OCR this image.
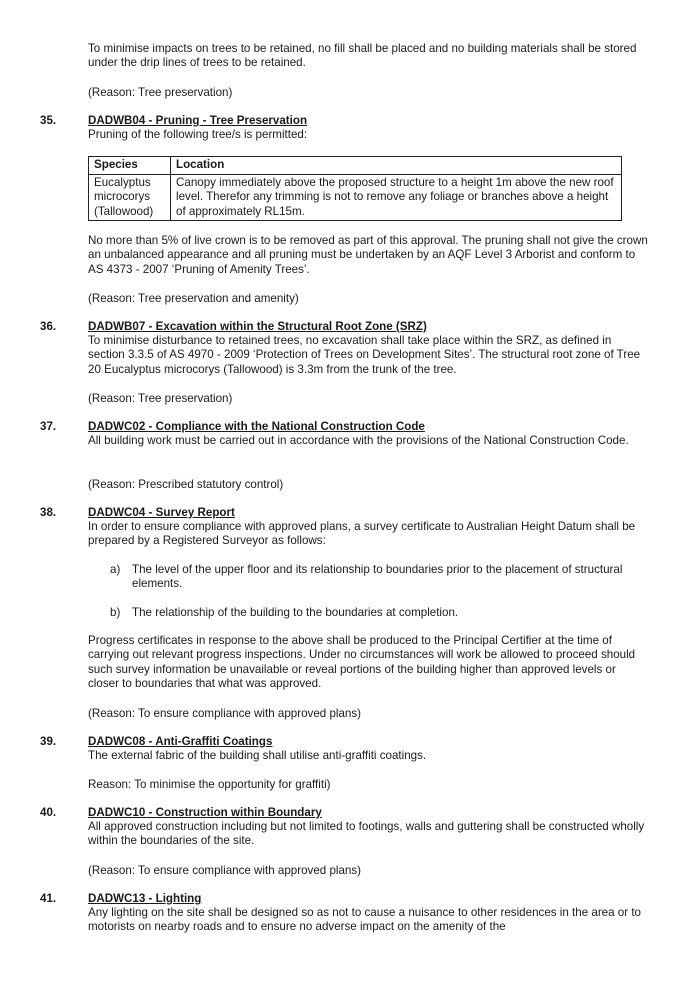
To minimise impacts on trees to be retained, no fill shall be placed and no building materials shall be stored under the drip lines of trees to be retained.

(Reason: Tree preservation)

35.	DADWB04 - Pruning - Tree Preservation

Pruning of the following tree/s is permitted:

Species	Location
Eucalyptus microcorys (Tallowood)	Canopy immediately above the proposed structure to a height 1m above the new roof level. Therefor any trimming is not to remove any foliage or branches above a height of approximately RL15m.

No more than 5% of live crown is to be removed as part of this approval. The pruning shall not give the crown an unbalanced appearance and all pruning must be undertaken by an AQF Level 3 Arborist and conform to AS 4373 - 2007 ‘Pruning of Amenity Trees’.

(Reason: Tree preservation and amenity)

36.	DADWB07 - Excavation within the Structural Root Zone (SRZ)

To minimise disturbance to retained trees, no excavation shall take place within the SRZ, as defined in section 3.3.5 of AS 4970 - 2009 ‘Protection of Trees on Development Sites’. The structural root zone of Tree 20 Eucalyptus microcorys (Tallowood) is 3.3m from the trunk of the tree.

(Reason: Tree preservation)

37.	DADWC02 - Compliance with the National Construction Code

All building work must be carried out in accordance with the provisions of the National Construction Code.

(Reason: Prescribed statutory control)

38.	DADWC04 - Survey Report

In order to ensure compliance with approved plans, a survey certificate to Australian Height Datum shall be prepared by a Registered Surveyor as follows:

a) The level of the upper floor and its relationship to boundaries prior to the placement of structural elements.

b) The relationship of the building to the boundaries at completion.

Progress certificates in response to the above shall be produced to the Principal Certifier at the time of carrying out relevant progress inspections. Under no circumstances will work be allowed to proceed should such survey information be unavailable or reveal portions of the building higher than approved levels or closer to boundaries that what was approved.

(Reason: To ensure compliance with approved plans)

39.	DADWC08 - Anti-Graffiti Coatings

The external fabric of the building shall utilise anti-graffiti coatings.

Reason: To minimise the opportunity for graffiti)

40.	DADWC10 - Construction within Boundary

All approved construction including but not limited to footings, walls and guttering shall be constructed wholly within the boundaries of the site.

(Reason: To ensure compliance with approved plans)

41.	DADWC13 - Lighting

Any lighting on the site shall be designed so as not to cause a nuisance to other residences in the area or to motorists on nearby roads and to ensure no adverse impact on the amenity of the
